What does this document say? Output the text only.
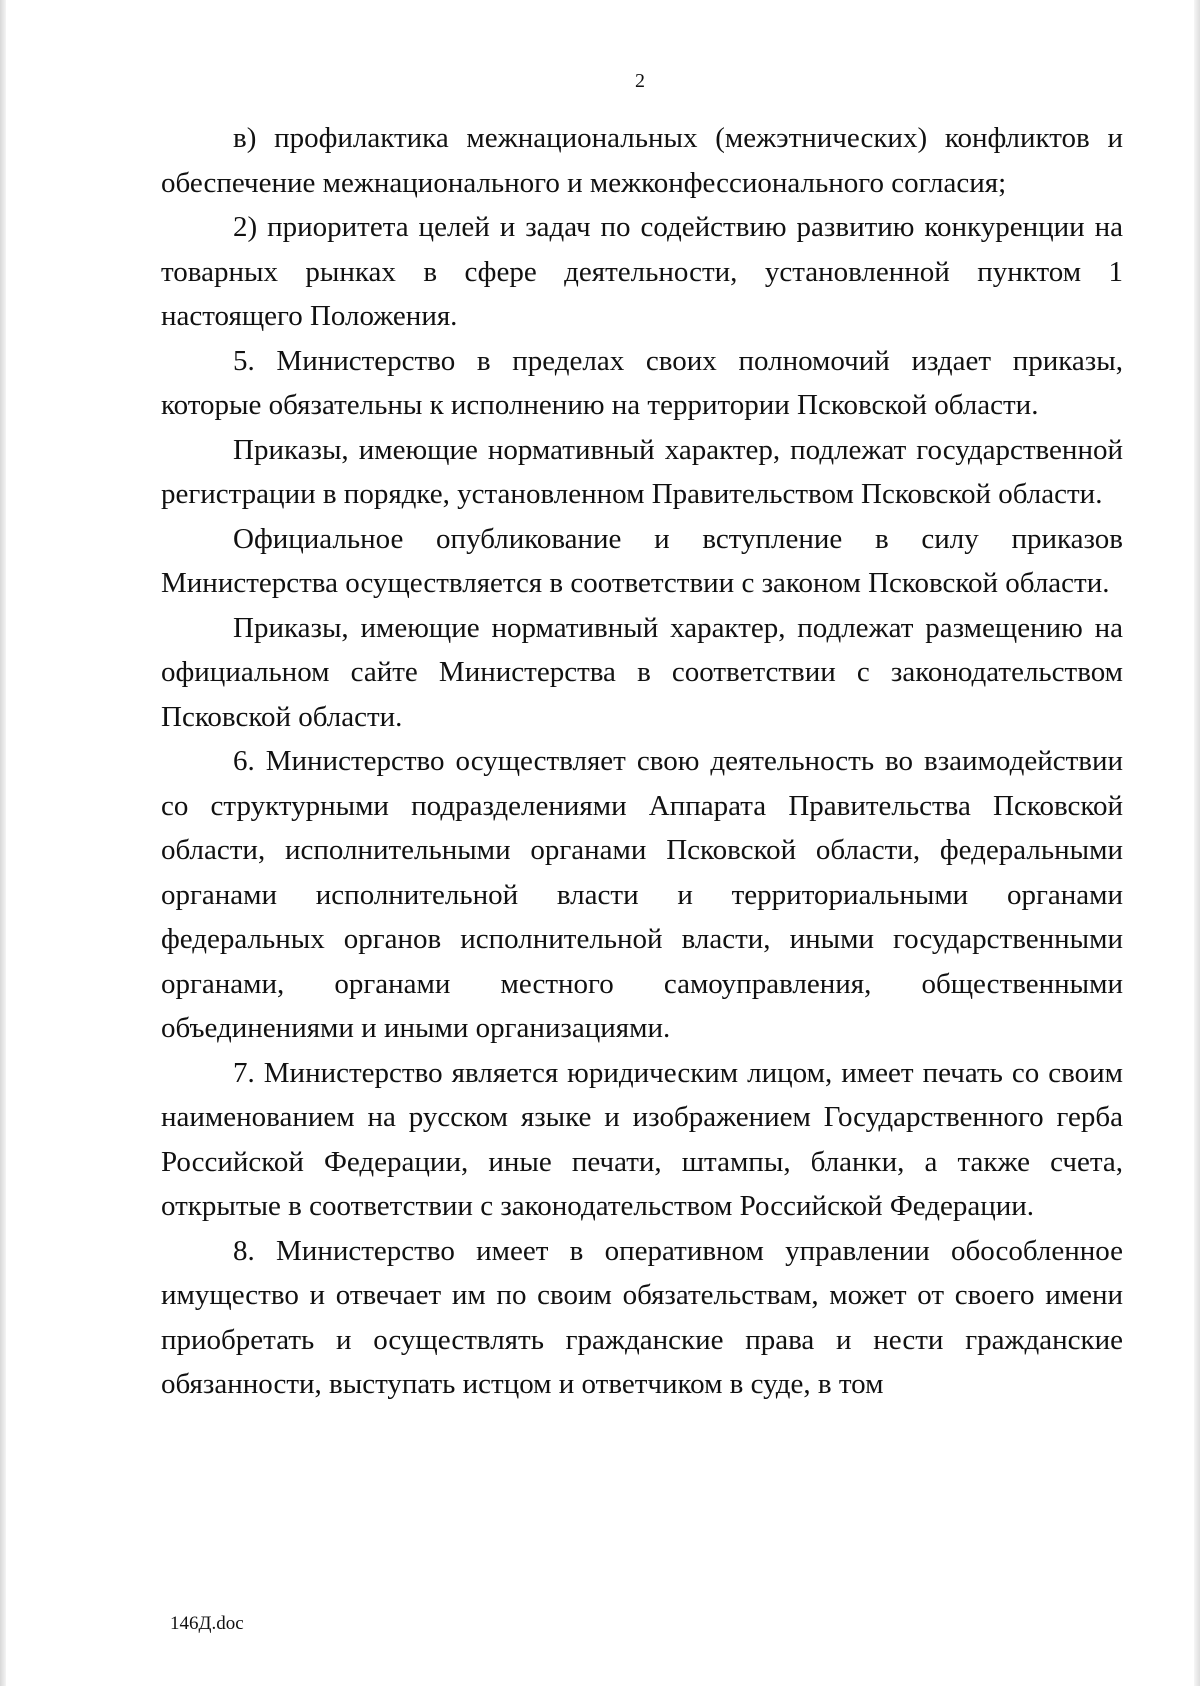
2

в) профилактика межнациональных (межэтнических) конфликтов и обеспечение межнационального и межконфессионального согласия;

2) приоритета целей и задач по содействию развитию конкуренции на товарных рынках в сфере деятельности, установленной пунктом 1 настоящего Положения.

5. Министерство в пределах своих полномочий издает приказы, которые обязательны к исполнению на территории Псковской области.

Приказы, имеющие нормативный характер, подлежат государственной регистрации в порядке, установленном Правительством Псковской области.

Официальное опубликование и вступление в силу приказов Министерства осуществляется в соответствии с законом Псковской области.

Приказы, имеющие нормативный характер, подлежат размещению на официальном сайте Министерства в соответствии с законодательством Псковской области.

6. Министерство осуществляет свою деятельность во взаимодействии со структурными подразделениями Аппарата Правительства Псковской области, исполнительными органами Псковской области, федеральными органами исполнительной власти и территориальными органами федеральных органов исполнительной власти, иными государственными органами, органами местного самоуправления, общественными объединениями и иными организациями.

7. Министерство является юридическим лицом, имеет печать со своим наименованием на русском языке и изображением Государственного герба Российской Федерации, иные печати, штампы, бланки, а также счета, открытые в соответствии с законодательством Российской Федерации.

8. Министерство имеет в оперативном управлении обособленное имущество и отвечает им по своим обязательствам, может от своего имени приобретать и осуществлять гражданские права и нести гражданские обязанности, выступать истцом и ответчиком в суде, в том

146Д.doc
